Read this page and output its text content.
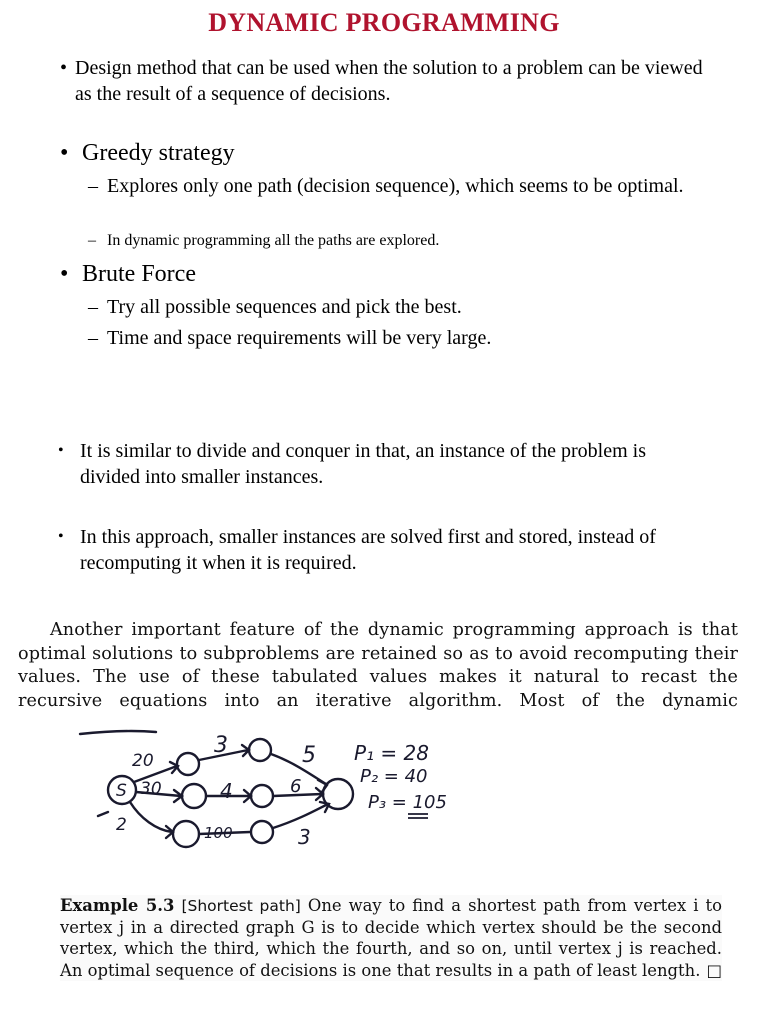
DYNAMIC PROGRAMMING
• Design method that can be used when the solution to a problem can be viewed as the result of a sequence of decisions.
• Greedy strategy
– Explores only one path (decision sequence), which seems to be optimal.
– In dynamic programming all the paths are explored.
• Brute Force
– Try all possible sequences and pick the best.
– Time and space requirements will be very large.
• It is similar to divide and conquer in that, an instance of the problem is divided into smaller instances.
• In this approach, smaller instances are solved first and stored, instead of recomputing it when it is required.

Another important feature of the dynamic programming approach is that optimal solutions to subproblems are retained so as to avoid recomputing their values. The use of these tabulated values makes it natural to recast the recursive equations into an iterative algorithm. Most of the dynamic

S
20
30
2
3
4
100
5
6
3
P₁ = 28
P₂ = 40
P₃ = 105
Example 5.3 [Shortest path] One way to find a shortest path from vertex i to vertex j in a directed graph G is to decide which vertex should be the second vertex, which the third, which the fourth, and so on, until vertex j is reached. An optimal sequence of decisions is one that results in a path of least length. □
